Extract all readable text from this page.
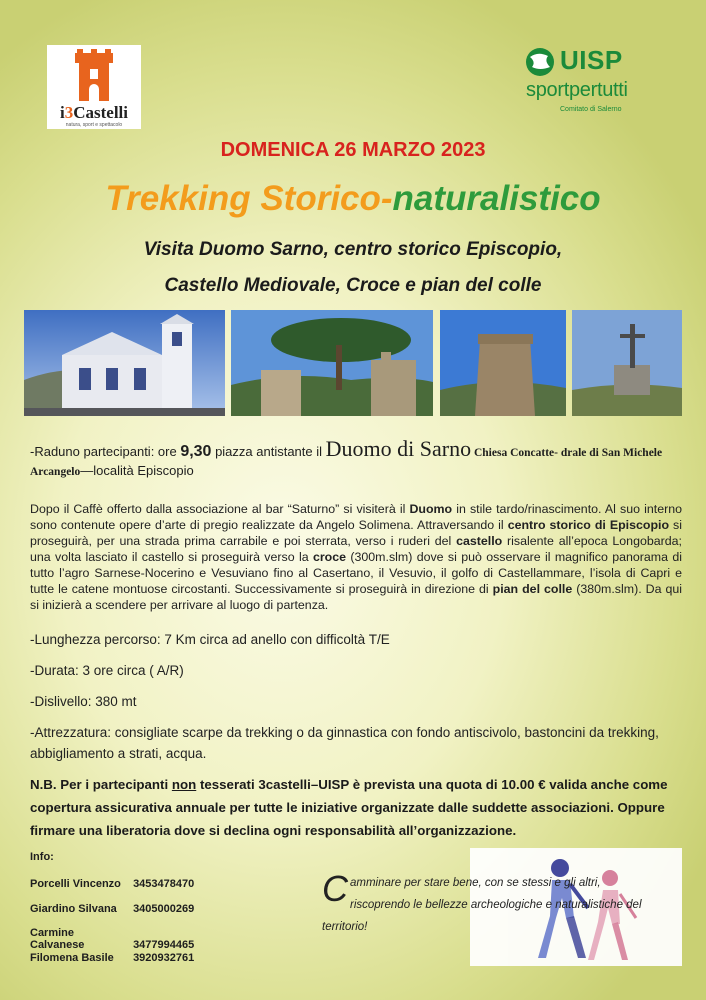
i3Castelli
natura, sport e spettacolo
UISP
sportpertutti
Comitato di Salerno
DOMENICA 26 MARZO 2023
Trekking Storico-naturalistico
Visita Duomo Sarno, centro storico Episcopio,
Castello Mediovale, Croce e pian del colle
-Raduno partecipanti: ore 9,30 piazza antistante il Duomo di Sarno Chiesa Concatte- drale di San Michele Arcangelo—località Episcopio
Dopo il Caffè offerto dalla associazione al bar “Saturno” si visiterà il Duomo in stile tardo/rinascimento. Al suo interno sono contenute opere d’arte di pregio realizzate da Angelo Solimena. Attraversando il centro storico di Episcopio si proseguirà, per una strada prima carrabile e poi sterrata, verso i ruderi del castello risalente all’epoca Longobarda; una volta lasciato il castello si proseguirà verso la croce (300m.slm) dove si può osservare il magnifico panorama di tutto l’agro Sarnese-Nocerino e Vesuviano fino al Casertano, il Vesuvio, il golfo di Castellammare, l’isola di Capri e tutte le catene montuose circostanti. Successivamente si proseguirà in direzione di pian del colle (380m.slm). Da qui si inizierà a scendere per arrivare al luogo di partenza.
-Lunghezza percorso: 7 Km circa ad anello con difficoltà T/E
-Durata: 3 ore circa ( A/R)
-Dislivello: 380 mt
-Attrezzatura: consigliate scarpe da trekking o da ginnastica con fondo antiscivolo, bastoncini da trekking, abbigliamento a strati, acqua.
N.B. Per i partecipanti non tesserati 3castelli–UISP è prevista una quota di 10.00 € valida anche come copertura assicurativa annuale per tutte le iniziative organizzate dalle suddette associazioni. Oppure firmare una liberatoria dove si declina ogni responsabilità all’organizzazione.
Info:
Porcelli Vincenzo 3453478470
Giardino Silvana 3405000269
Carmine Calvanese	3477994465
Filomena Basile 3920932761
Camminare per stare bene, con se stessi e gli altri, riscoprendo le bellezze archeologiche e naturalistiche del territorio!
